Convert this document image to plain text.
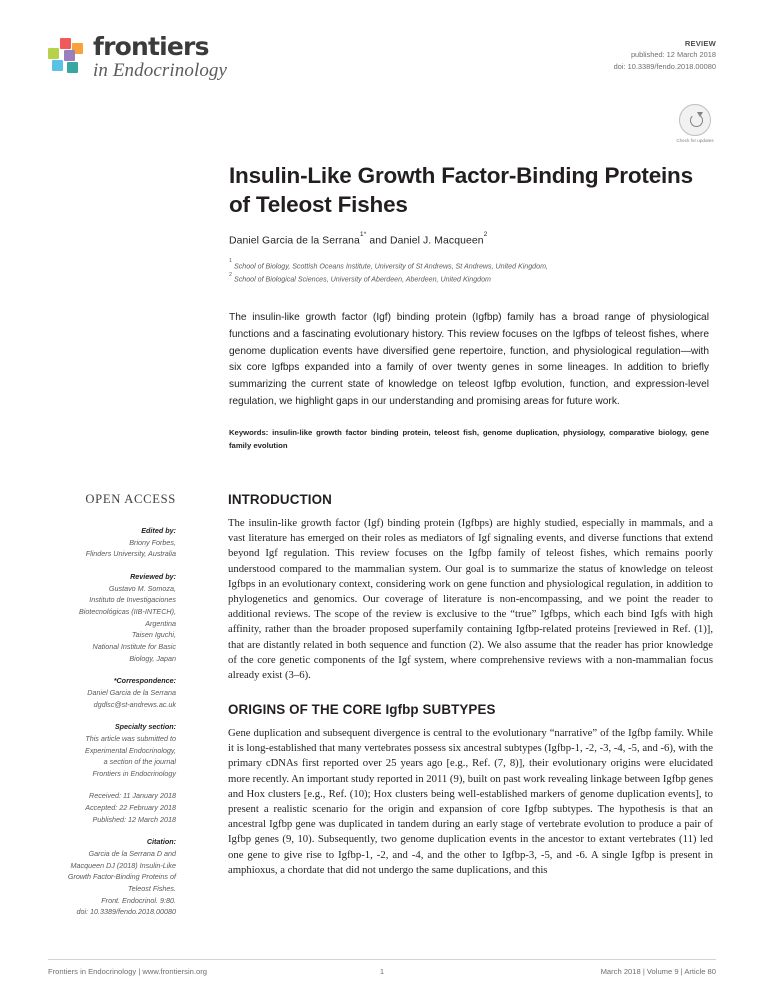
frontiers
in Endocrinology
REVIEW
published: 12 March 2018
doi: 10.3389/fendo.2018.00080
Check for updates
Insulin-Like Growth Factor-Binding Proteins of Teleost Fishes
Daniel Garcia de la Serrana$^{1*}$ and Daniel J. Macqueen$^2$
$^1$ School of Biology, Scottish Oceans Institute, University of St Andrews, St Andrews, United Kingdom,
$^2$ School of Biological Sciences, University of Aberdeen, Aberdeen, United Kingdom
The insulin-like growth factor (Igf) binding protein (Igfbp) family has a broad range of physiological functions and a fascinating evolutionary history. This review focuses on the Igfbps of teleost fishes, where genome duplication events have diversified gene repertoire, function, and physiological regulation—with six core Igfbps expanded into a family of over twenty genes in some lineages. In addition to briefly summarizing the current state of knowledge on teleost Igfbp evolution, function, and expression-level regulation, we highlight gaps in our understanding and promising areas for future work.
Keywords: insulin-like growth factor binding protein, teleost fish, genome duplication, physiology, comparative biology, gene family evolution
OPEN ACCESS
Edited by:
Briony Forbes,
Flinders University, Australia
Reviewed by:
Gustavo M. Somoza,
Instituto de Investigaciones
Biotecnológicas (IIB-INTECH),
Argentina
Taisen Iguchi,
National Institute for Basic
Biology, Japan
*Correspondence:
Daniel Garcia de la Serrana
dgdlsc@st-andrews.ac.uk
Specialty section:
This article was submitted to
Experimental Endocrinology,
a section of the journal
Frontiers in Endocrinology
Received: 11 January 2018
Accepted: 22 February 2018
Published: 12 March 2018
Citation:
Garcia de la Serrana D and
Macqueen DJ (2018) Insulin-Like
Growth Factor-Binding Proteins of
Teleost Fishes.
Front. Endocrinol. 9:80.
doi: 10.3389/fendo.2018.00080
INTRODUCTION

The insulin-like growth factor (Igf) binding protein (Igfbps) are highly studied, especially in mammals, and a vast literature has emerged on their roles as mediators of Igf signaling events, and diverse functions that extend beyond Igf regulation. This review focuses on the Igfbp family of teleost fishes, which remains poorly understood compared to the mammalian system. Our goal is to summarize the status of knowledge on teleost Igfbps in an evolutionary context, considering work on gene function and physiological regulation, in addition to phylogenetics and genomics. Our coverage of literature is non-encompassing, and we point the reader to additional reviews. The scope of the review is exclusive to the “true” Igfbps, which each bind Igfs with high affinity, rather than the broader proposed superfamily containing Igfbp-related proteins [reviewed in Ref. (1)], that are distantly related in both sequence and function (2). We also assume that the reader has prior knowledge of the core genetic components of the Igf system, where comprehensive reviews with a non-mammalian focus already exist (3–6).

ORIGINS OF THE CORE Igfbp SUBTYPES

Gene duplication and subsequent divergence is central to the evolutionary “narrative” of the Igfbp family. While it is long-established that many vertebrates possess six ancestral subtypes (Igfbp-1, -2, -3, -4, -5, and -6), with the primary cDNAs first reported over 25 years ago [e.g., Ref. (7, 8)], their evolutionary origins were elucidated more recently. An important study reported in 2011 (9), built on past work revealing linkage between Igfbp genes and Hox clusters [e.g., Ref. (10); Hox clusters being well-established markers of genome duplication events], to present a realistic scenario for the origin and expansion of core Igfbp subtypes. The hypothesis is that an ancestral Igfbp gene was duplicated in tandem during an early stage of vertebrate evolution to produce a pair of Igfbp genes (9, 10). Subsequently, two genome duplication events in the ancestor to extant vertebrates (11) led one gene to give rise to Igfbp-1, -2, and -4, and the other to Igfbp-3, -5, and -6. A single Igfbp is present in amphioxus, a chordate that did not undergo the same duplications, and this

Frontiers in Endocrinology | www.frontiersin.org	1	March 2018 | Volume 9 | Article 80
